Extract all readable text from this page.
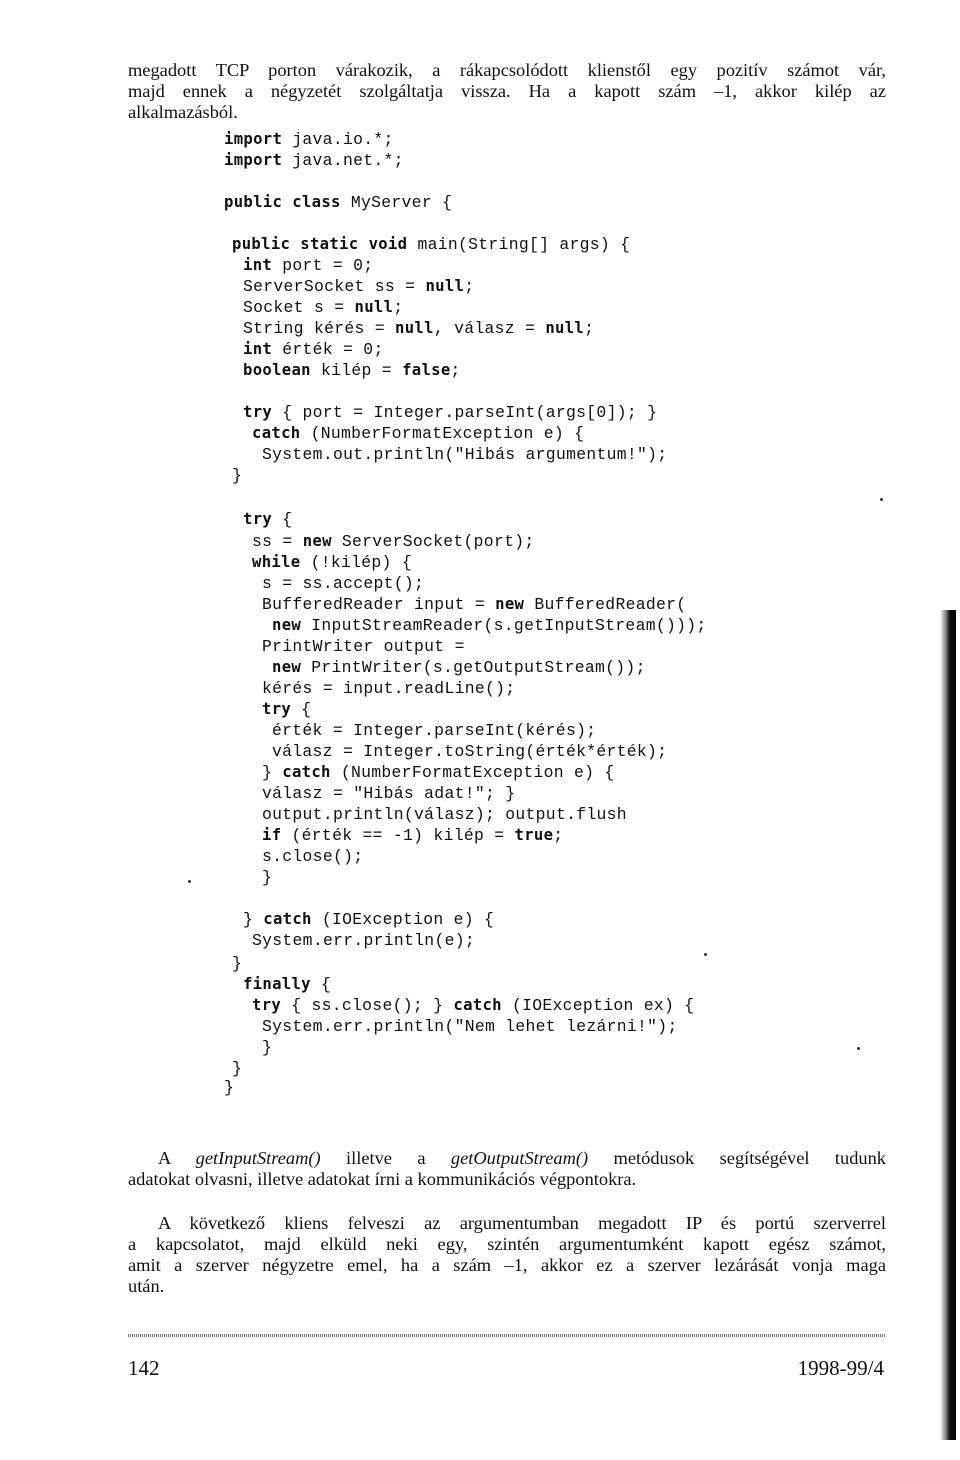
megadott TCP porton várakozik, a rákapcsolódott klienstől egy pozitív számot vár,
majd ennek a négyzetét szolgáltatja vissza. Ha a kapott szám –1, akkor kilép az
alkalmazásból.
import java.io.*;
import java.net.*;
public class MyServer {
public static void main(String[] args) {
int port = 0;
ServerSocket ss = null;
Socket s = null;
String kérés = null, válasz = null;
int érték = 0;
boolean kilép = false;
try { port = Integer.parseInt(args[0]); }
catch (NumberFormatException e) {
System.out.println("Hibás argumentum!");
}
try {
ss = new ServerSocket(port);
while (!kilép) {
s = ss.accept();
BufferedReader input = new BufferedReader(
new InputStreamReader(s.getInputStream()));
PrintWriter output =
new PrintWriter(s.getOutputStream());
kérés = input.readLine();
try {
érték = Integer.parseInt(kérés);
válasz = Integer.toString(érték*érték);
} catch (NumberFormatException e) {
válasz = "Hibás adat!"; }
output.println(válasz); output.flush
if (érték == -1) kilép = true;
s.close();
}
} catch (IOException e) {
System.err.println(e);
}
finally {
try { ss.close(); } catch (IOException ex) {
System.err.println("Nem lehet lezárni!");
}
}
}
A getInputStream() illetve a getOutputStream() metódusok segítségével tudunk
adatokat olvasni, illetve adatokat írni a kommunikációs végpontokra.
A következő kliens felveszi az argumentumban megadott IP és portú szerverrel
a kapcsolatot, majd elküld neki egy, szintén argumentumként kapott egész számot,
amit a szerver négyzetre emel, ha a szám –1, akkor ez a szerver lezárását vonja maga
után.
142	1998-99/4
